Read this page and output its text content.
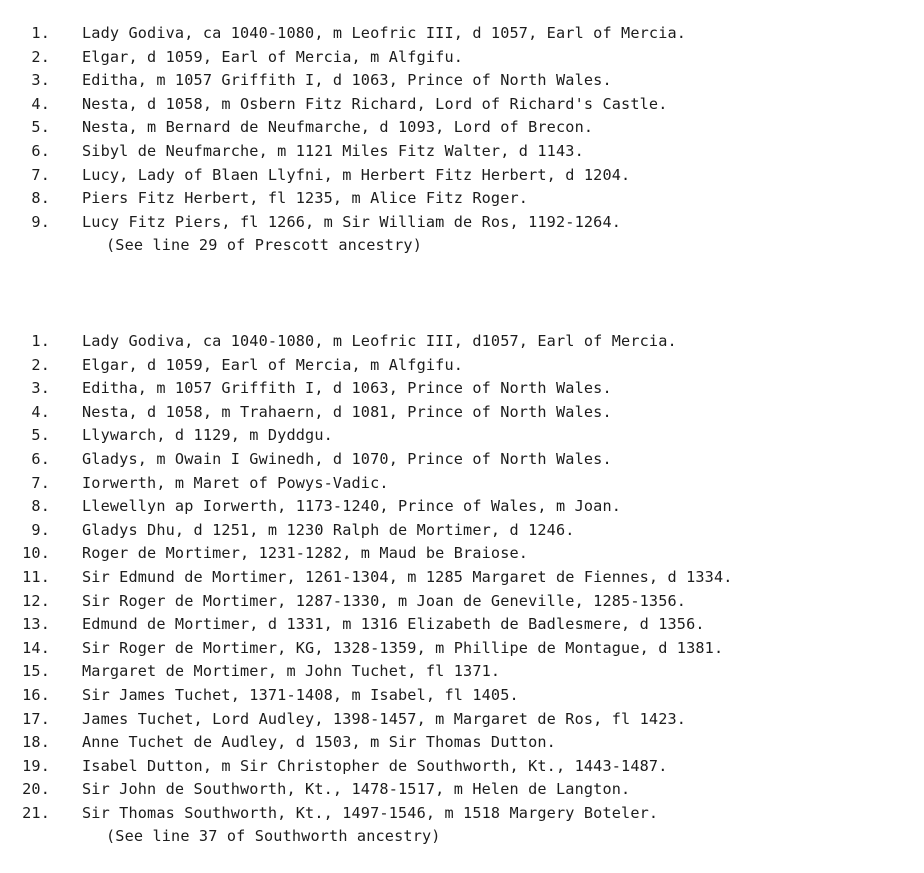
1. Lady Godiva, ca 1040-1080, m Leofric III, d 1057, Earl of Mercia.
2. Elgar, d 1059, Earl of Mercia, m Alfgifu.
3. Editha, m 1057 Griffith I, d 1063, Prince of North Wales.
4. Nesta, d 1058, m Osbern Fitz Richard, Lord of Richard's Castle.
5. Nesta, m Bernard de Neufmarche, d 1093, Lord of Brecon.
6. Sibyl de Neufmarche, m 1121 Miles Fitz Walter, d 1143.
7. Lucy, Lady of Blaen Llyfni, m Herbert Fitz Herbert, d 1204.
8. Piers Fitz Herbert, fl 1235, m Alice Fitz Roger.
9. Lucy Fitz Piers, fl 1266, m Sir William de Ros, 1192-1264.
(See line 29 of Prescott ancestry)
1. Lady Godiva, ca 1040-1080, m Leofric III, d1057, Earl of Mercia.
2. Elgar, d 1059, Earl of Mercia, m Alfgifu.
3. Editha, m 1057 Griffith I, d 1063, Prince of North Wales.
4. Nesta, d 1058, m Trahaern, d 1081, Prince of North Wales.
5. Llywarch, d 1129, m Dyddgu.
6. Gladys, m Owain I Gwinedh, d 1070, Prince of North Wales.
7. Iorwerth, m Maret of Powys-Vadic.
8. Llewellyn ap Iorwerth, 1173-1240, Prince of Wales, m Joan.
9. Gladys Dhu, d 1251, m 1230 Ralph de Mortimer, d 1246.
10. Roger de Mortimer, 1231-1282, m Maud be Braiose.
11. Sir Edmund de Mortimer, 1261-1304, m 1285 Margaret de Fiennes, d 1334.
12. Sir Roger de Mortimer, 1287-1330, m Joan de Geneville, 1285-1356.
13. Edmund de Mortimer, d 1331, m 1316 Elizabeth de Badlesmere, d 1356.
14. Sir Roger de Mortimer, KG, 1328-1359, m Phillipe de Montague, d 1381.
15. Margaret de Mortimer, m John Tuchet, fl 1371.
16. Sir James Tuchet, 1371-1408, m Isabel, fl 1405.
17. James Tuchet, Lord Audley, 1398-1457, m Margaret de Ros, fl 1423.
18. Anne Tuchet de Audley, d 1503, m Sir Thomas Dutton.
19. Isabel Dutton, m Sir Christopher de Southworth, Kt., 1443-1487.
20. Sir John de Southworth, Kt., 1478-1517, m Helen de Langton.
21. Sir Thomas Southworth, Kt., 1497-1546, m 1518 Margery Boteler.
(See line 37 of Southworth ancestry)
